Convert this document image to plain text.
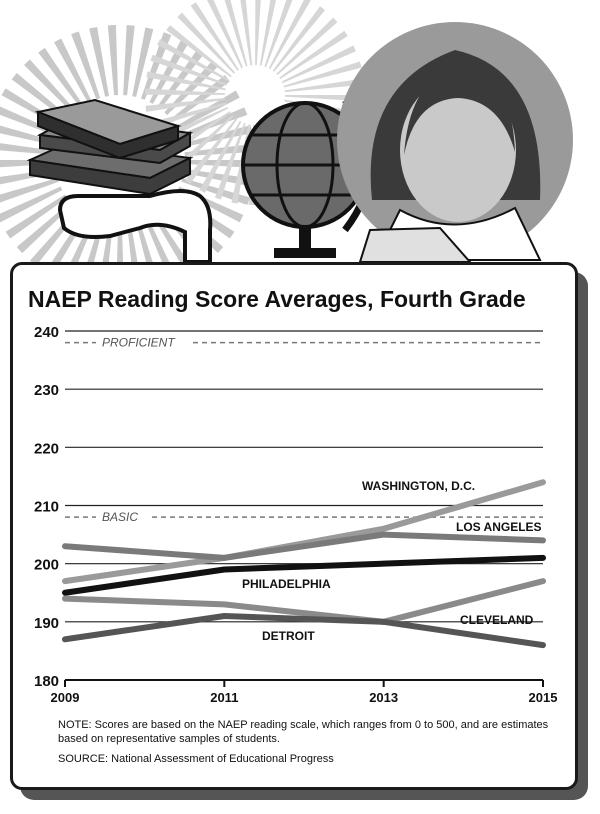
NAEP Reading Score Averages, Fourth Grade
180
190
200
210
220
230
240
2009	2011	2013	2015
PROFICIENT
BASIC
WASHINGTON, D.C.
LOS ANGELES
PHILADELPHIA
CLEVELAND
DETROIT
NOTE: Scores are based on the NAEP reading scale, which ranges from 0 to 500, and are estimates based on representative samples of students.
SOURCE: National Assessment of Educational Progress
